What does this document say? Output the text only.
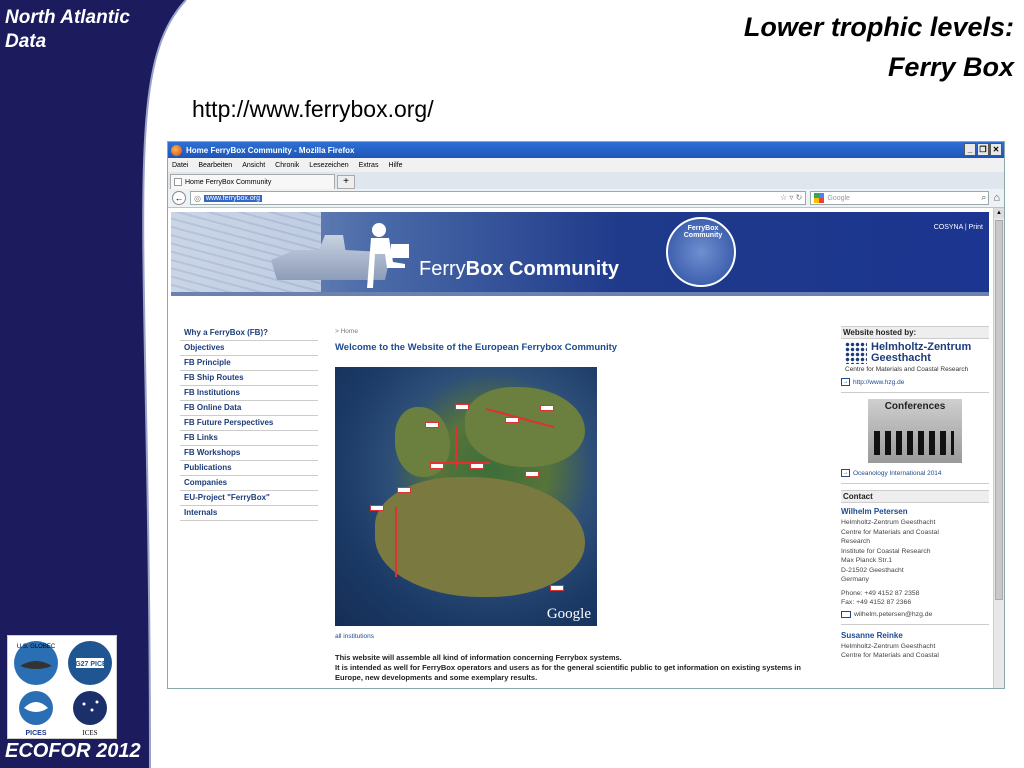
North Atlantic Data
U.S. GLOBEC
WG27 PICES
PICES	ICES
ECOFOR 2012
Lower trophic levels:
Ferry Box
http://www.ferrybox.org/
Home FerryBox Community - Mozilla Firefox	_ ❐ ✕
Datei Bearbeiten Ansicht Chronik Lesezeichen Extras Hilfe
Home FerryBox Community	+
←	◎ www.ferrybox.org	☆ ▿ ↻	Google	⌕ ⌂
FerryBox Community
FerryBox Community
COSYNA | Print
Why a FerryBox (FB)?
Objectives
FB Principle
FB Ship Routes
FB Institutions
FB Online Data
FB Future Perspectives
FB Links
FB Workshops
Publications
Companies
EU-Project "FerryBox"
Internals
> Home
Welcome to the Website of the European Ferrybox Community
Google
all institutions

This website will assemble all kind of information concerning Ferrybox systems.

It is intended as well for FerryBox operators and users as for the general scientific public to get information on existing systems in Europe, new developments and some exemplary results.

Website hosted by:
Helmholtz-Zentrum
Geesthacht
Centre for Materials and Coastal Research
→ http://www.hzg.de
Conferences
→ Oceanology International 2014
Contact
Wilhelm Petersen
Helmholtz-Zentrum Geesthacht
Centre for Materials and Coastal
Research
Institute for Coastal Research
Max Planck Str.1
D-21502 Geesthacht
Germany
Phone: +49 4152 87 2358
Fax: +49 4152 87 2366
wilhelm.petersen@hzg.de
Susanne Reinke
Helmholtz-Zentrum Geesthacht
Centre for Materials and Coastal
▲
